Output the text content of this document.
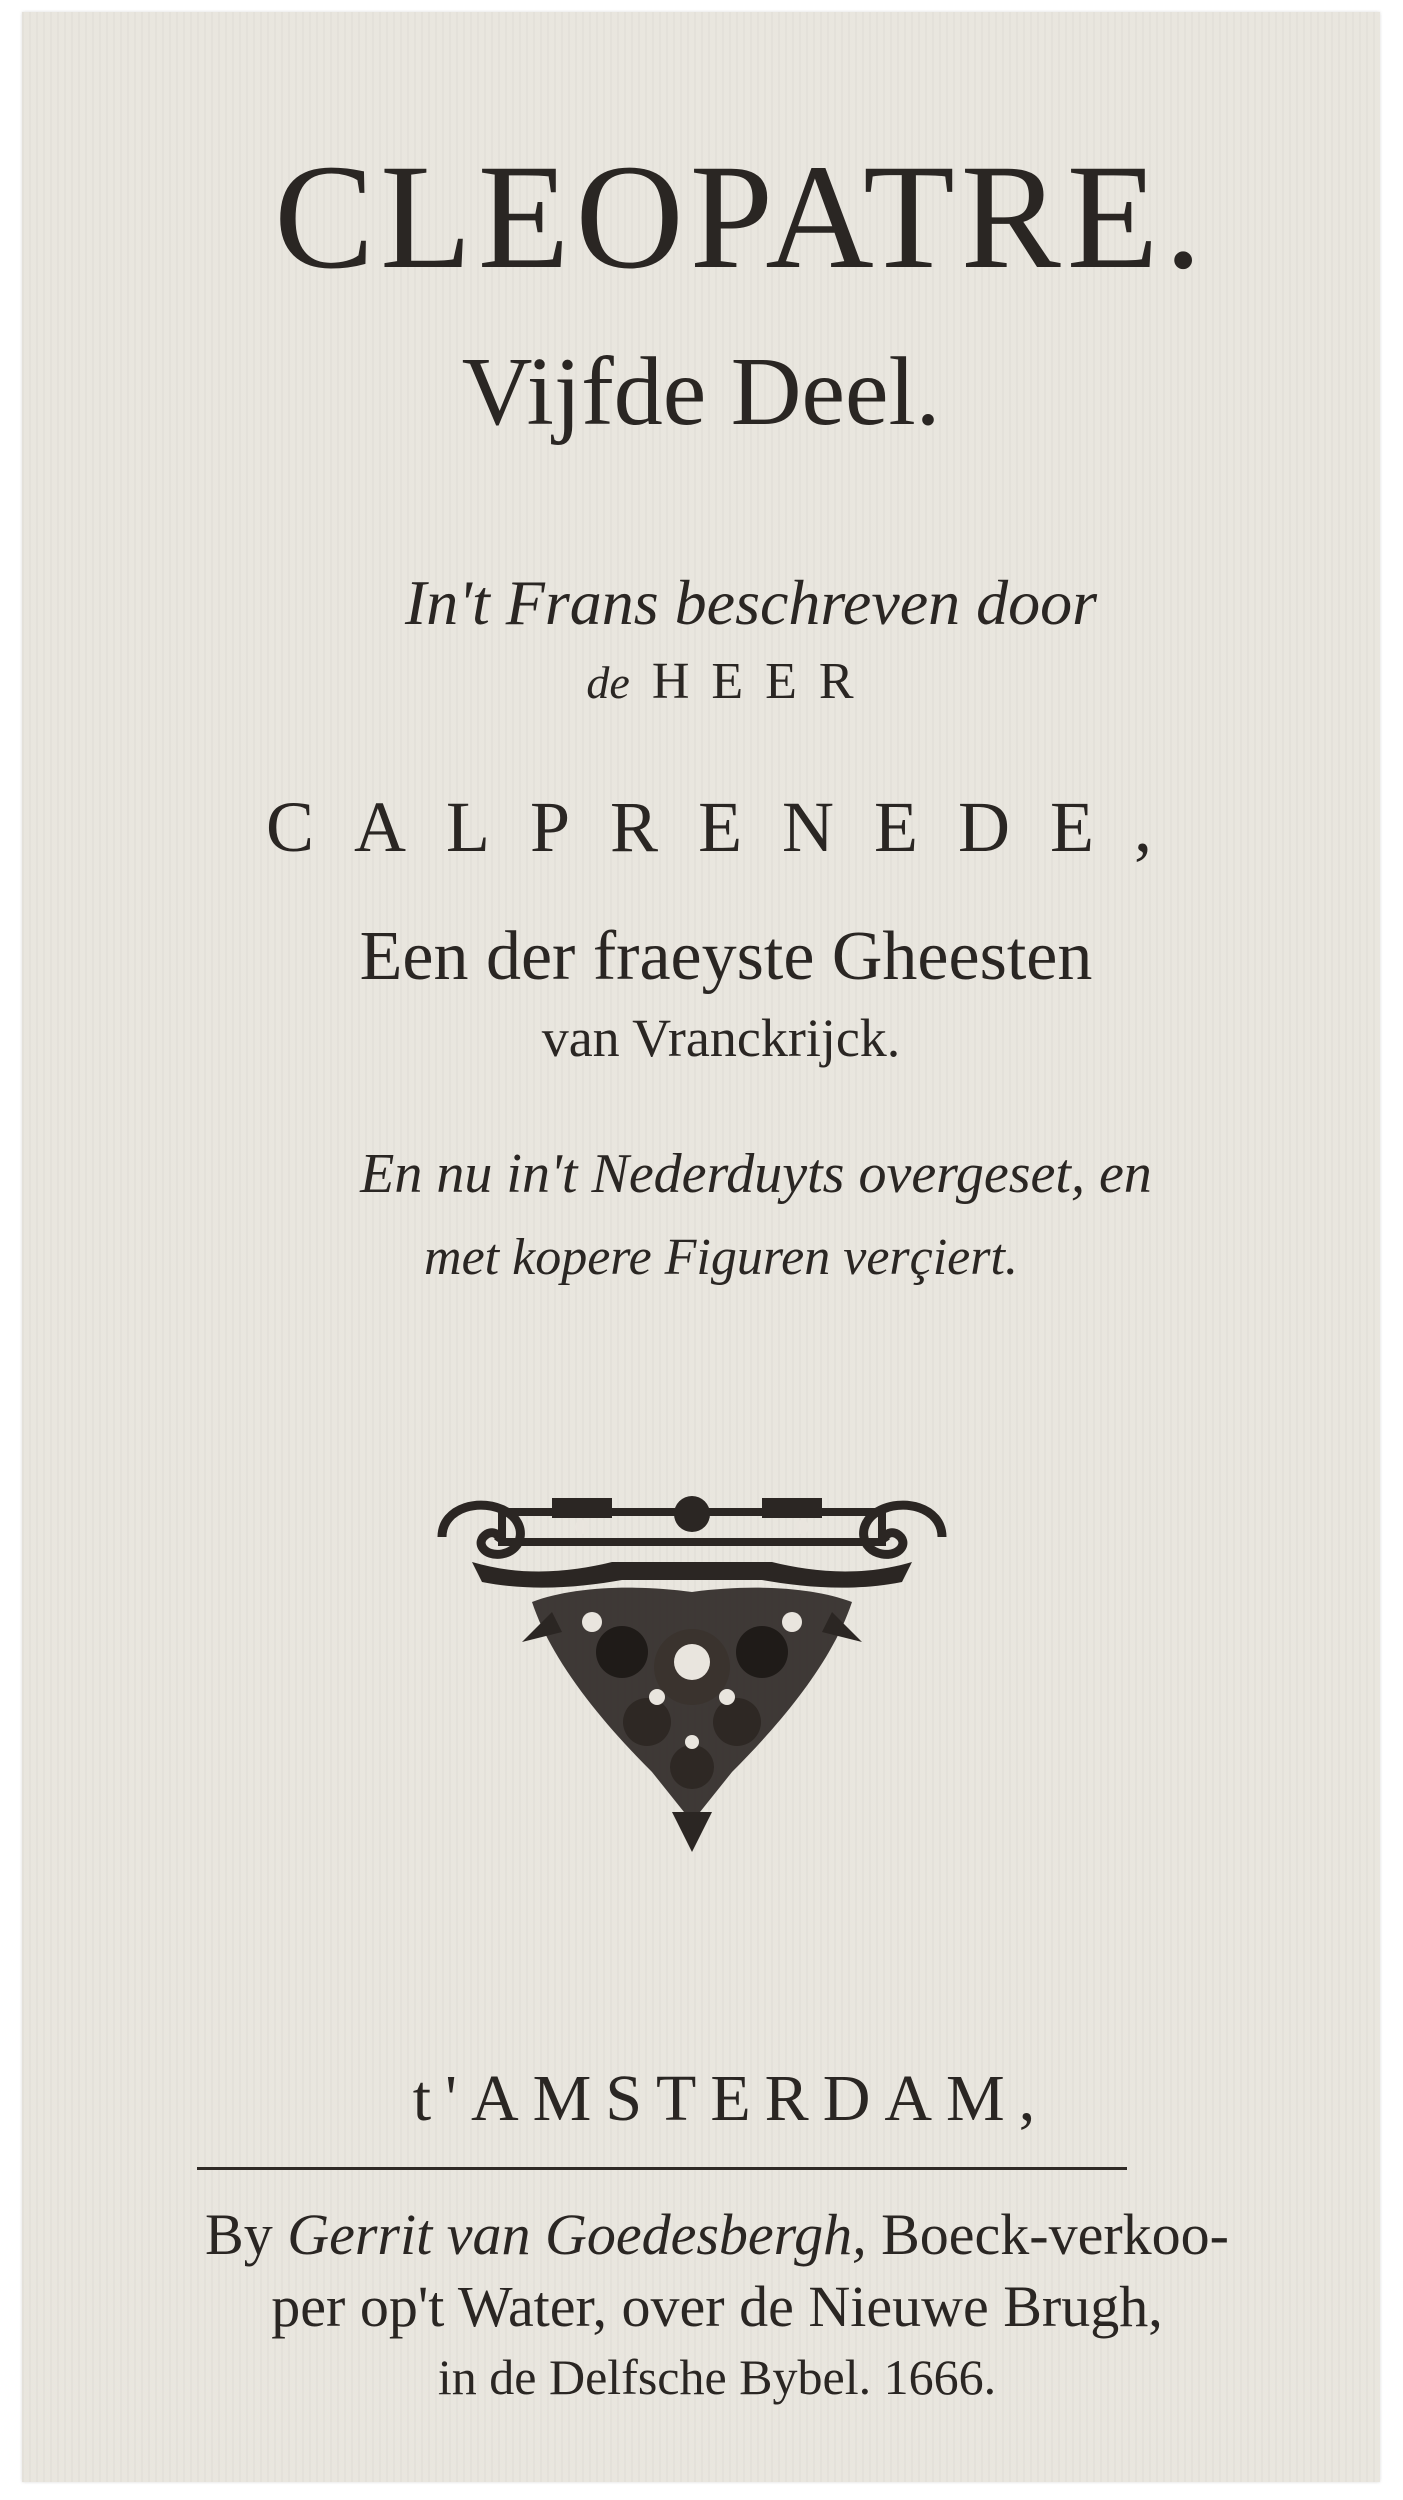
CLEOPATRE.
Vijfde Deel.
In't Frans beschreven door
de HEER
CALPRENEDE,
Een der fraeyste Gheesten
van Vranckrijck.
En nu in't Nederduyts overgeset, en
met kopere Figuren verçiert.
t'AMSTERDAM,
By Gerrit van Goedesbergh, Boeck-verkoo-
per op't Water, over de Nieuwe Brugh,
in de Delfsche Bybel. 1666.
